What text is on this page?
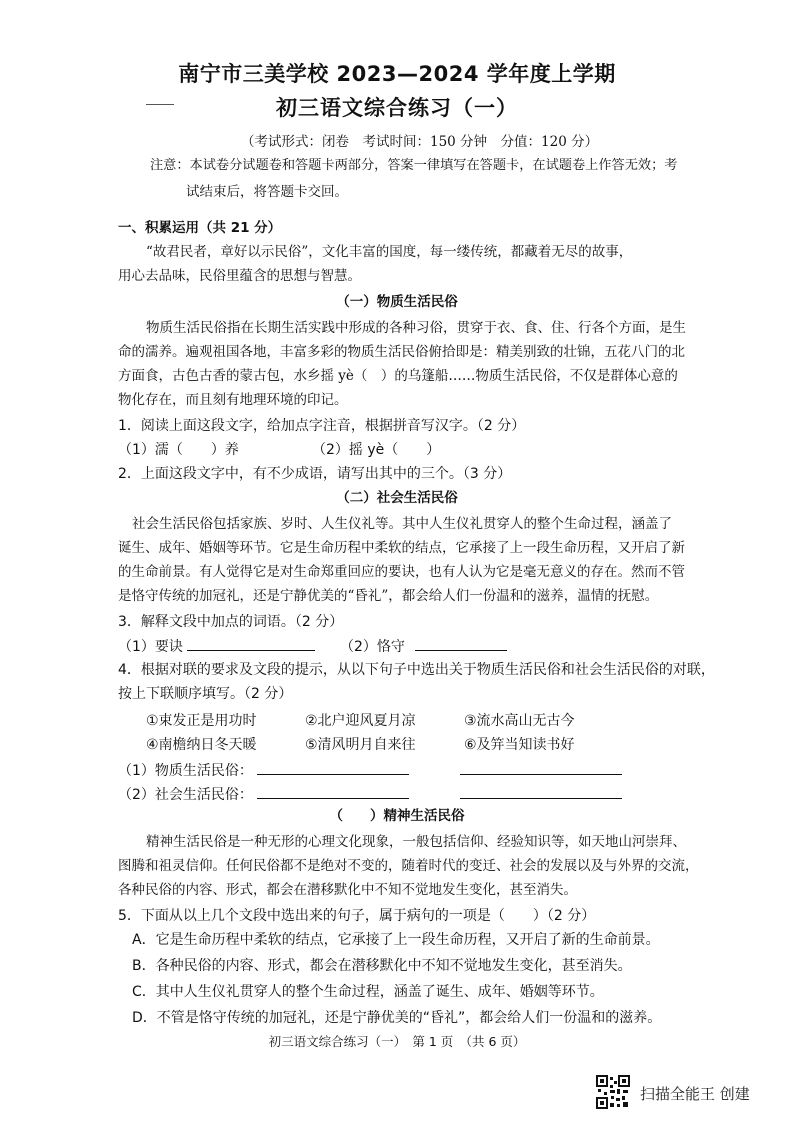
南宁市三美学校 2023—2024 学年度上学期
初三语文综合练习（一）
（考试形式：闭卷　考试时间：150 分钟　分值：120 分）
注意：本试卷分试题卷和答题卡两部分，答案一律填写在答题卡，在试题卷上作答无效；考
试结束后，将答题卡交回。
一、积累运用（共 21 分）
“故君民者，章好以示民俗”，文化丰富的国度，每一缕传统，都藏着无尽的故事，
用心去品味，民俗里蕴含的思想与智慧。
（一）物质生活民俗
物质生活民俗指在长期生活实践中形成的各种习俗，贯穿于衣、食、住、行各个方面，是生
命的濡养。遍观祖国各地，丰富多彩的物质生活民俗俯拾即是：精美别致的壮锦，五花八门的北
方面食，古色古香的蒙古包，水乡摇 yè（　）的乌篷船……物质生活民俗，不仅是群体心意的
物化存在，而且刻有地理环境的印记。
1．阅读上面这段文字，给加点字注音，根据拼音写汉字。（2 分）
（1）濡（　　）养	（2）摇 yè（　　）
2．上面这段文字中，有不少成语，请写出其中的三个。（3 分）
（二）社会生活民俗
社会生活民俗包括家族、岁时、人生仪礼等。其中人生仪礼贯穿人的整个生命过程，涵盖了
诞生、成年、婚姻等环节。它是生命历程中柔软的结点，它承接了上一段生命历程，又开启了新
的生命前景。有人觉得它是对生命郑重回应的要诀，也有人认为它是毫无意义的存在。然而不管
是恪守传统的加冠礼，还是宁静优美的“昏礼”，都会给人们一份温和的滋养，温情的抚慰。
3．解释文段中加点的词语。（2 分）
（1）要诀	（2）恪守
4．根据对联的要求及文段的提示，从以下句子中选出关于物质生活民俗和社会生活民俗的对联，
按上下联顺序填写。（2 分）
①束发正是用功时	②北户迎风夏月凉	③流水高山无古今
④南檐纳日冬天暖	⑤清风明月自来往	⑥及笄当知读书好
（1）物质生活民俗：
（2）社会生活民俗：
（　　）精神生活民俗
精神生活民俗是一种无形的心理文化现象，一般包括信仰、经验知识等，如天地山河崇拜、
图腾和祖灵信仰。任何民俗都不是绝对不变的，随着时代的变迁、社会的发展以及与外界的交流，
各种民俗的内容、形式，都会在潜移默化中不知不觉地发生变化，甚至消失。
5．下面从以上几个文段中选出来的句子，属于病句的一项是（　　）（2 分）
A．它是生命历程中柔软的结点，它承接了上一段生命历程，又开启了新的生命前景。
B．各种民俗的内容、形式，都会在潜移默化中不知不觉地发生变化，甚至消失。
C．其中人生仪礼贯穿人的整个生命过程，涵盖了诞生、成年、婚姻等环节。
D．不管是恪守传统的加冠礼，还是宁静优美的“昏礼”，都会给人们一份温和的滋养。
初三语文综合练习（一）　第 1 页　（共 6 页）
扫描全能王 创建
